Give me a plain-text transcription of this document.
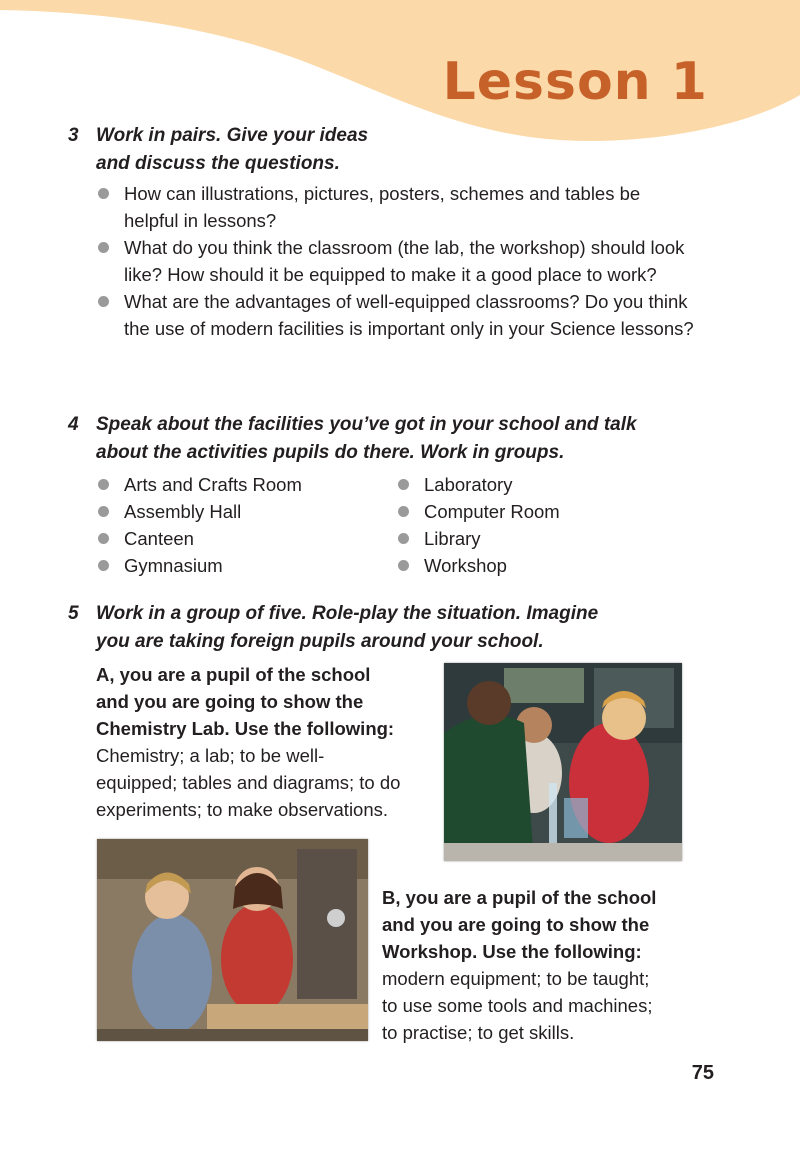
Lesson 1
3 Work in pairs. Give your ideas
and discuss the questions.
How can illustrations, pictures, posters, schemes and tables be helpful in lessons?
What do you think the classroom (the lab, the workshop) should look like? How should it be equipped to make it a good place to work?
What are the advantages of well-equipped classrooms? Do you think the use of modern facilities is important only in your Science lessons?
4 Speak about the facilities you’ve got in your school and talk
about the activities pupils do there. Work in groups.
Arts and Crafts Room
Assembly Hall
Canteen
Gymnasium
Laboratory
Computer Room
Library
Workshop
5 Work in a group of five. Role-play the situation. Imagine
you are taking foreign pupils around your school.
A, you are a pupil of the school
and you are going to show the
Chemistry Lab. Use the following:
Chemistry; a lab; to be well-
equipped; tables and diagrams; to do
experiments; to make observations.
B, you are a pupil of the school
and you are going to show the
Workshop. Use the following:
modern equipment; to be taught;
to use some tools and machines;
to practise; to get skills.
75
